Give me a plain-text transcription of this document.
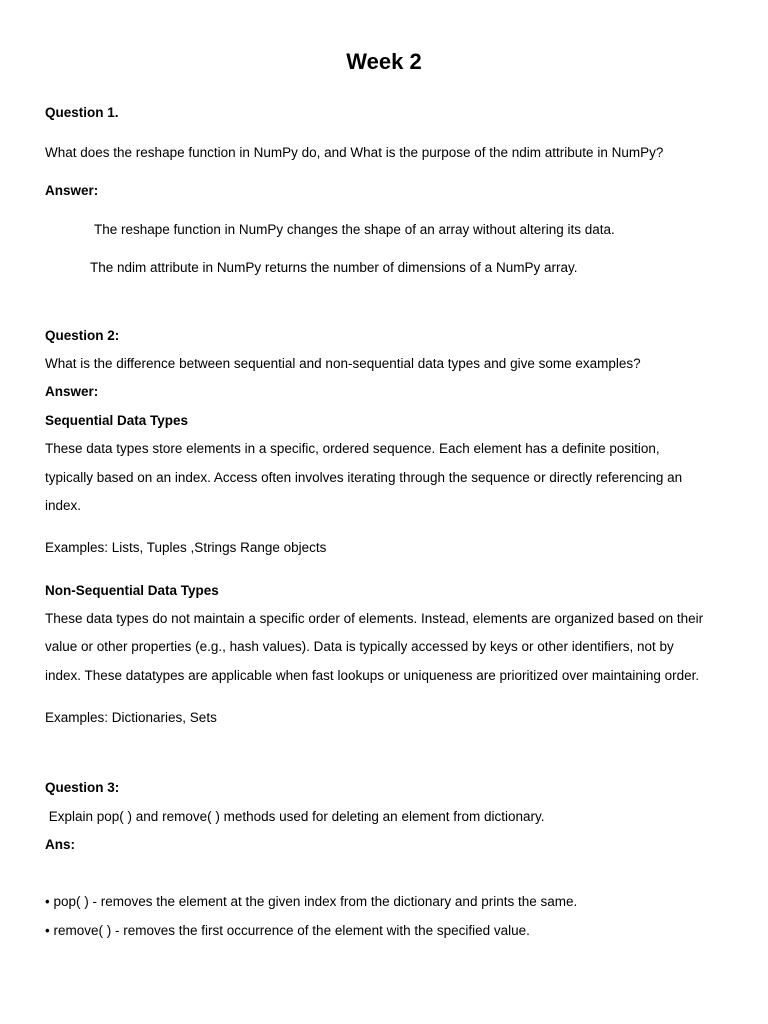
Week 2
Question 1.
What does the reshape function in NumPy do, and What is the purpose of the ndim attribute in NumPy?
Answer:
The reshape function in NumPy changes the shape of an array without altering its data.
The ndim attribute in NumPy returns the number of dimensions of a NumPy array.
Question 2:
What is the difference between sequential and non-sequential data types and give some examples?
Answer:
Sequential Data Types
These data types store elements in a specific, ordered sequence. Each element has a definite position,
typically based on an index. Access often involves iterating through the sequence or directly referencing an
index.
Examples: Lists, Tuples ,Strings Range objects
Non-Sequential Data Types
These data types do not maintain a specific order of elements. Instead, elements are organized based on their
value or other properties (e.g., hash values). Data is typically accessed by keys or other identifiers, not by
index. These datatypes are applicable when fast lookups or uniqueness are prioritized over maintaining order.
Examples: Dictionaries, Sets
Question 3:
Explain pop( ) and remove( ) methods used for deleting an element from dictionary.
Ans:
• pop( ) - removes the element at the given index from the dictionary and prints the same.
• remove( ) - removes the first occurrence of the element with the specified value.
